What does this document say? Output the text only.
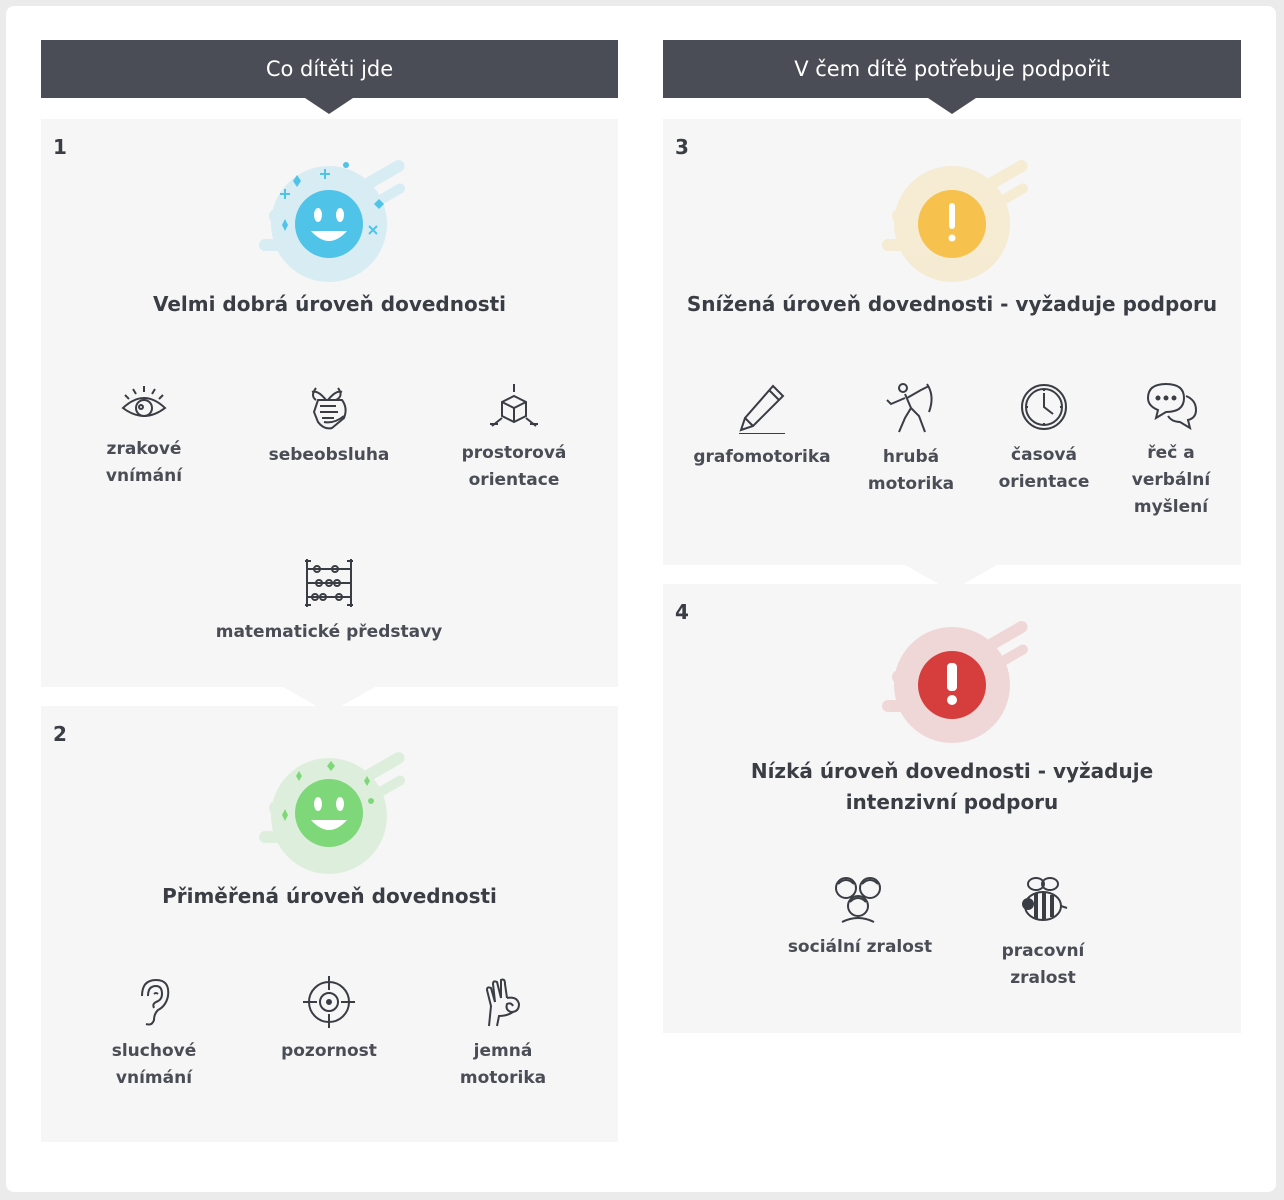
Co dítěti jde
1
Velmi dobrá úroveň dovednosti
zrakové
vnímání
sebeobsluha	prostorová
orientace
matematické představy
2
Přiměřená úroveň dovednosti
sluchové
vnímání
pozornost	jemná
motorika
V čem dítě potřebuje podpořit
3
Snížená úroveň dovednosti - vyžaduje podporu
grafomotorika	hrubá
motorika
časová
orientace
řeč a
verbální
myšlení
4
Nízká úroveň dovednosti - vyžaduje intenzivní podporu
sociální zralost	pracovní
zralost
